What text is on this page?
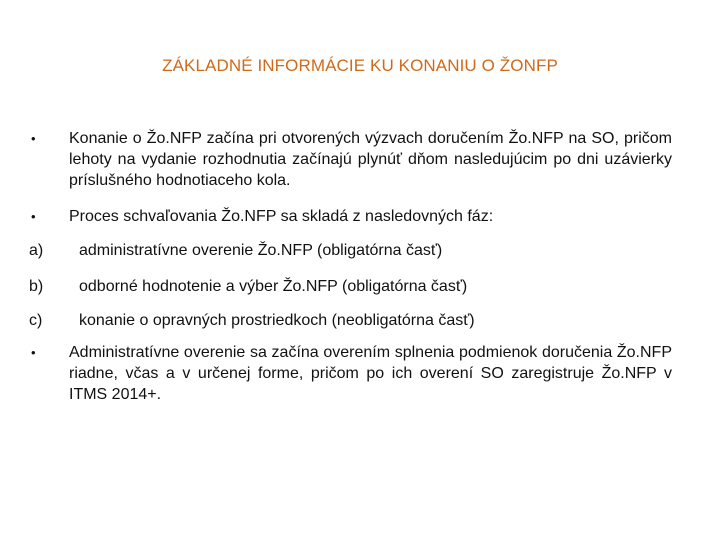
ZÁKLADNÉ INFORMÁCIE KU KONANIU O ŽONFP
•	Konanie o Žo.NFP začína pri otvorených výzvach doručením Žo.NFP na SO, pričom lehoty na vydanie rozhodnutia začínajú plynúť dňom nasledujúcim po dni uzávierky príslušného hodnotiaceho kola.
•	Proces schvaľovania Žo.NFP sa skladá z nasledovných fáz:
a)	administratívne overenie Žo.NFP (obligatórna časť)
b)	odborné hodnotenie a výber Žo.NFP (obligatórna časť)
c)	konanie o opravných prostriedkoch (neobligatórna časť)
•	Administratívne overenie sa začína overením splnenia podmienok doručenia Žo.NFP riadne, včas a v určenej forme, pričom po ich overení SO zaregistruje Žo.NFP v ITMS 2014+.
